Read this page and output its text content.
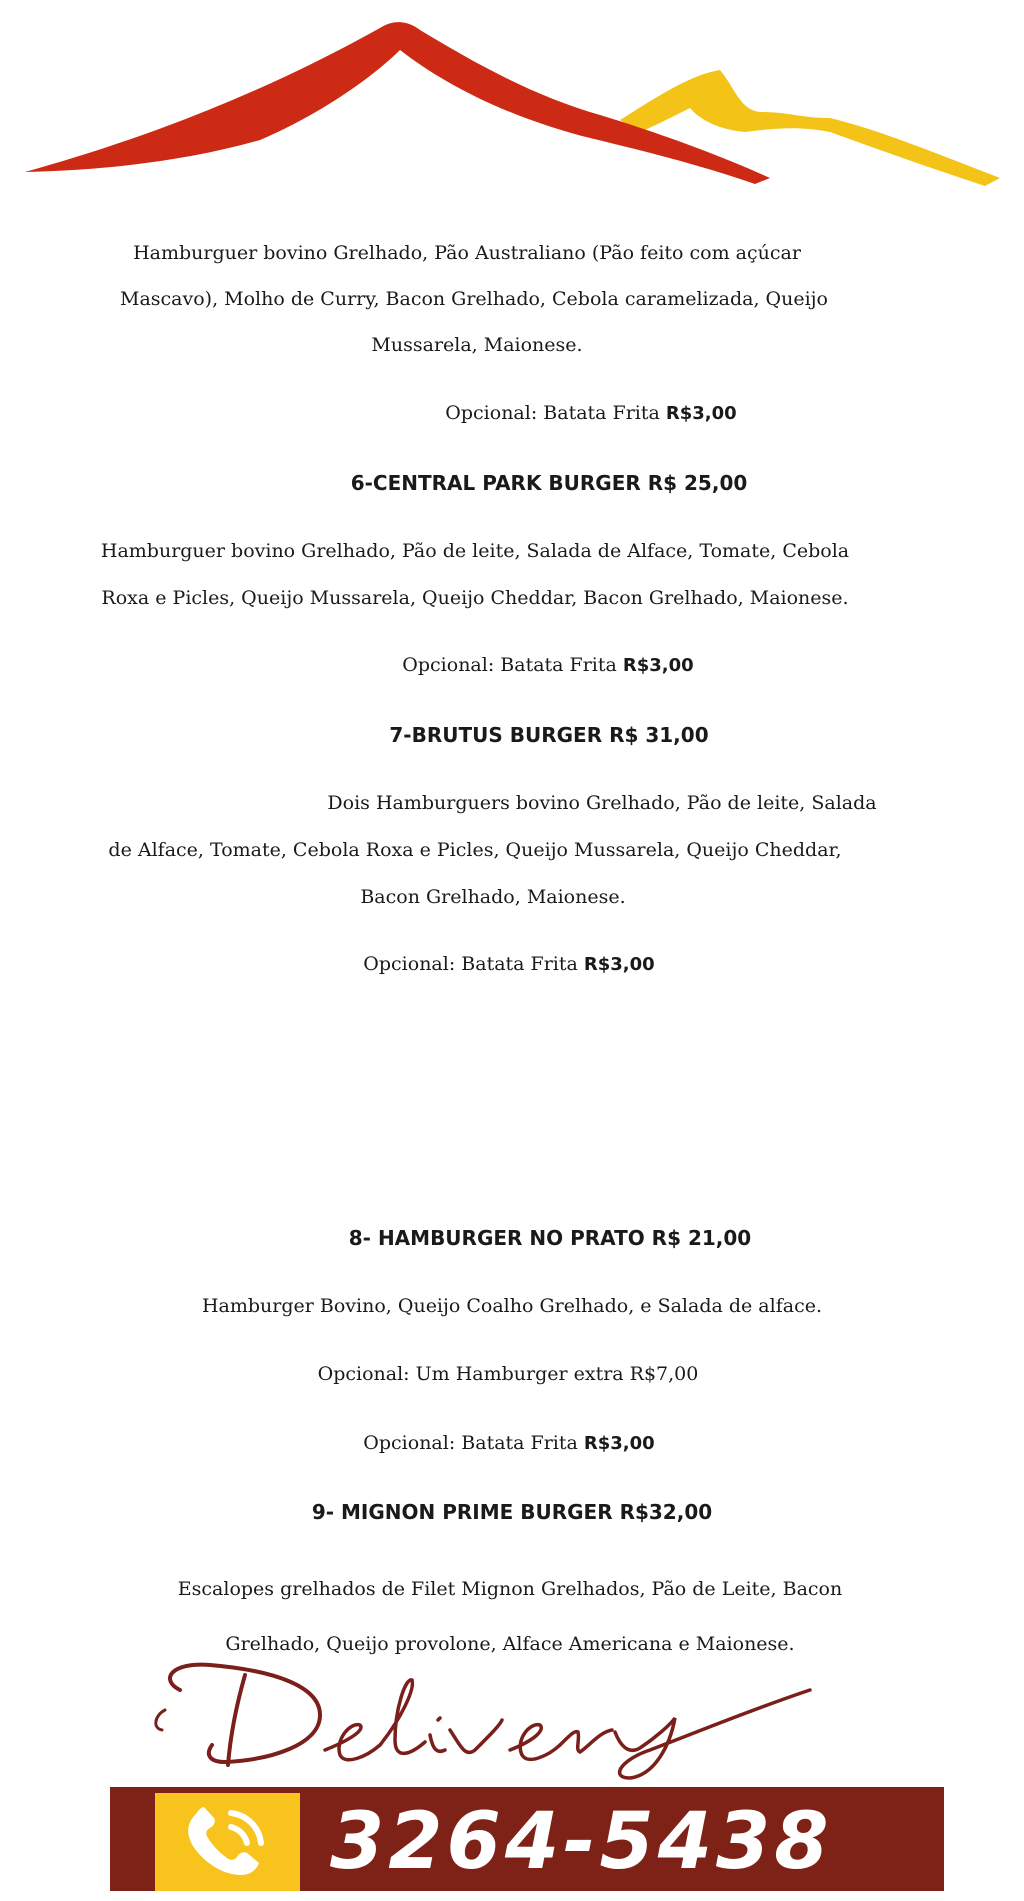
Hamburguer bovino Grelhado, Pão Australiano (Pão feito com açúcar
Mascavo), Molho de Curry, Bacon Grelhado, Cebola caramelizada, Queijo
Mussarela, Maionese.
Opcional: Batata Frita R$3,00
6-CENTRAL PARK BURGER R$ 25,00
Hamburguer bovino Grelhado, Pão de leite, Salada de Alface, Tomate, Cebola
Roxa e Picles, Queijo Mussarela, Queijo Cheddar, Bacon Grelhado, Maionese.
Opcional: Batata Frita R$3,00
7-BRUTUS BURGER R$ 31,00
Dois Hamburguers bovino Grelhado, Pão de leite, Salada
de Alface, Tomate, Cebola Roxa e Picles, Queijo Mussarela, Queijo Cheddar,
Bacon Grelhado, Maionese.
Opcional: Batata Frita R$3,00
8- HAMBURGER NO PRATO R$ 21,00
Hamburger Bovino, Queijo Coalho Grelhado, e Salada de alface.
Opcional: Um Hamburger extra R$7,00
Opcional: Batata Frita R$3,00
9- MIGNON PRIME BURGER R$32,00
Escalopes grelhados de Filet Mignon Grelhados, Pão de Leite, Bacon
Grelhado, Queijo provolone, Alface Americana e Maionese.
3264-5438
